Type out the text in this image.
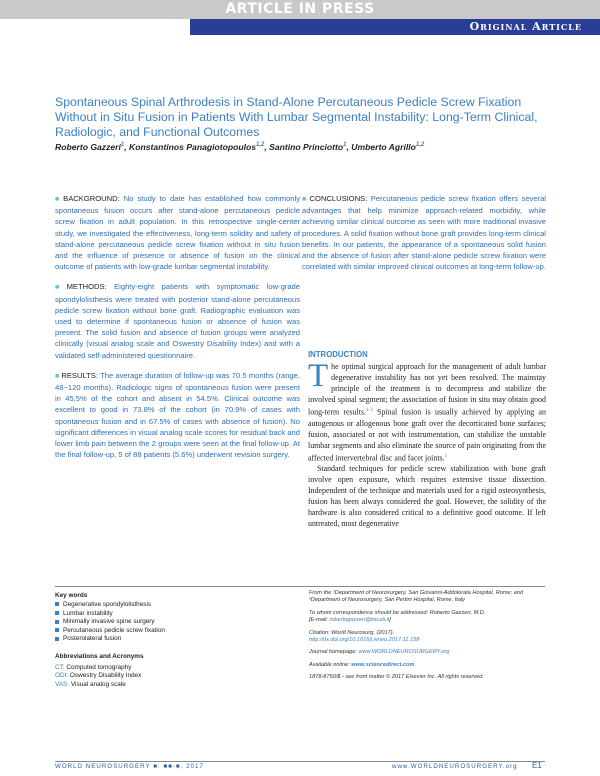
ARTICLE IN PRESS
Original Article
Spontaneous Spinal Arthrodesis in Stand-Alone Percutaneous Pedicle Screw Fixation Without in Situ Fusion in Patients With Lumbar Segmental Instability: Long-Term Clinical, Radiologic, and Functional Outcomes
Roberto Gazzeri$^1$, Konstantinos Panagiotopoulos$^{1,2}$, Santino Princiotto$^1$, Umberto Agrillo$^{1,2}$

■ BACKGROUND: No study to date has established how commonly spontaneous fusion occurs after stand-alone percutaneous pedicle screw fixation in adult population. In this retrospective single-center study, we investigated the effectiveness, long-term solidity and safety of stand-alone percutaneous pedicle screw fixation without in situ fusion and the influence of presence or absence of fusion on the clinical outcome of patients with low-grade lumbar segmental instability.

■ METHODS: Eighty-eight patients with symptomatic low-grade spondylolisthesis were treated with posterior stand-alone percutaneous pedicle screw fixation without bone graft. Radiographic evaluation was used to determine if spontaneous fusion or absence of fusion was present. The solid fusion and absence of fusion groups were analyzed clinically (visual analog scale and Oswestry Disability Index) and with a validated self-administered questionnaire.

■ RESULTS: The average duration of follow-up was 70.5 months (range, 48−120 months). Radiologic signs of spontaneous fusion were present in 45.5% of the cohort and absent in 54.5%. Clinical outcome was excellent to good in 73.8% of the cohort (in 70.9% of cases with spontaneous fusion and in 67.5% of cases with absence of fusion). No significant differences in visual analog scale scores for residual back and lower limb pain between the 2 groups were seen at the final follow-up. At the final follow-up, 5 of 88 patients (5.6%) underwent revision surgery.

■ CONCLUSIONS: Percutaneous pedicle screw fixation offers several advantages that help minimize approach-related morbidity, while achieving similar clinical outcome as seen with more traditional invasive procedures. A solid fixation without bone graft provides long-term clinical benefits. In our patients, the appearance of a spontaneous solid fusion and the absence of fusion after stand-alone pedicle screw fixation were correlated with similar improved clinical outcomes at long-term follow-up.

INTRODUCTION

The optimal surgical approach for the management of adult lumbar degenerative instability has not yet been resolved. The mainstay principle of the treatment is to decompress and stabilize the involved spinal segment; the association of fusion in situ may obtain good long-term results.$^{1-3}$ Spinal fusion is usually achieved by applying an autogenous or allogenous bone graft over the decorticated bone surfaces; fusion, associated or not with instrumentation, can stabilize the unstable lumbar segments and also eliminate the source of pain originating from the affected intervertebral disc and facet joints.$^1$

Standard techniques for pedicle screw stabilization with bone graft involve open exposure, which requires extensive tissue dissection. Independent of the technique and materials used for a rigid osteosynthesis, fusion has been always considered the goal. However, the solidity of the hardware is also considered critical to a definitive good outcome. If left untreated, most degenerative

Key words
Degenerative spondylolisthesis
Lumbar instability
Minimally invasive spine surgery
Percutaneous pedicle screw fixation
Posterolateral fusion
Abbreviations and Acronyms
CT: Computed tomography
ODI: Oswestry Disability Index
VAS: Visual analog scale

From the ¹Department of Neurosurgery, San Giovanni-Addolorata Hospital, Rome; and ²Department of Neurosurgery, San Pertini Hospital, Rome, Italy

To whom correspondence should be addressed: Roberto Gazzeri, M.D.
[E-mail: robertogazzeri@tiscali.it]

Citation: World Neurosurg. (2017).
http://dx.doi.org/10.1016/j.wneu.2017.11.158

Journal homepage: www.WORLDNEUROSURGERY.org

Available online: www.sciencedirect.com

1878-8750/$ - see front matter © 2017 Elsevier Inc. All rights reserved.

WORLD NEUROSURGERY ■: ■■-■, 2017	www.WORLDNEUROSURGERY.org E1
